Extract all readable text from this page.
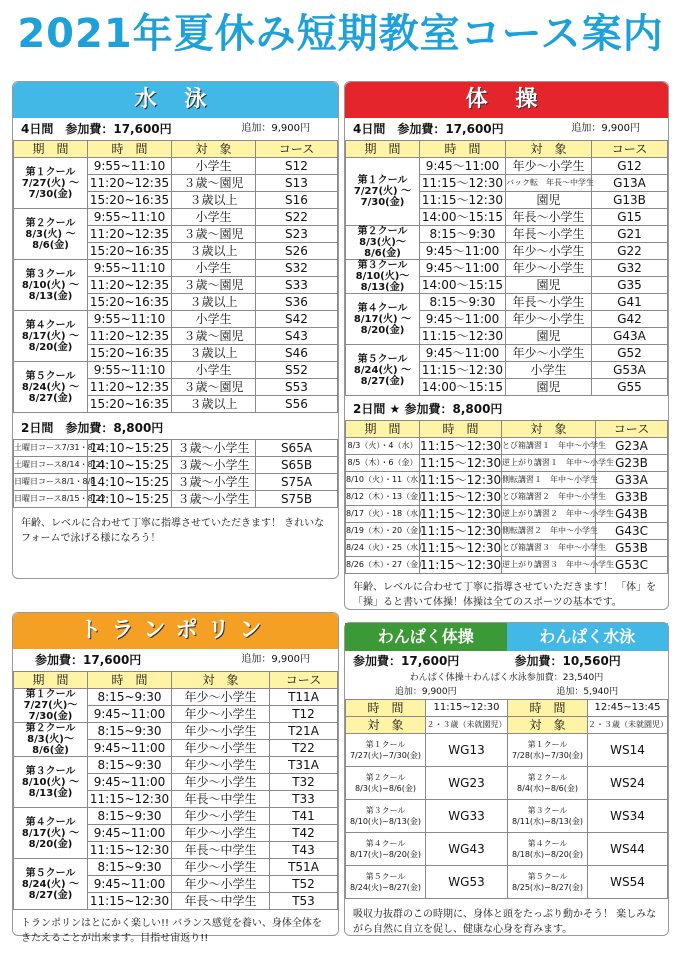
2021年夏休み短期教室コース案内
水 泳
4日間　参加費：17,600円	追加：9,900円
期　間	時　間	対　象	コース
第１クール 7/27(火) 〜 7/30(金)	9:55~11:10	小学生	S12
	11:20~12:35	３歳〜園児	S13
	15:20~16:35	３歳以上	S16
第２クール 8/3(火) 〜 8/6(金)	9:55~11:10	小学生	S22
	11:20~12:35	３歳〜園児	S23
	15:20~16:35	３歳以上	S26
第３クール 8/10(火) 〜 8/13(金)	9:55~11:10	小学生	S32
	11:20~12:35	３歳〜園児	S33
	15:20~16:35	３歳以上	S36
第４クール 8/17(火) 〜 8/20(金)	9:55~11:10	小学生	S42
	11:20~12:35	３歳〜園児	S43
	15:20~16:35	３歳以上	S46
第５クール 8/24(火) 〜 8/27(金)	9:55~11:10	小学生	S52
	11:20~12:35	３歳〜園児	S53
	15:20~16:35	３歳以上	S56
2日間　参加費：8,800円
土曜日コース7/31・8/7	14:10~15:25	３歳〜小学生	S65A
土曜日コース8/14・8/21	14:10~15:25	３歳〜小学生	S65B
日曜日コース8/1・8/8	14:10~15:25	３歳〜小学生	S75A
日曜日コース8/15・8/22	14:10~15:25	３歳〜小学生	S75B
年齢、レベルに合わせて丁寧に指導させていただきます！ きれいなフォームで泳げる様になろう！
体 操
4日間　参加費：17,600円	追加：9,900円
期　間	時　間	対　象	コース
第１クール 7/27(火) 〜 7/30(金)	9:45～11:00	年少〜小学生	G12
	11:15～12:30	バック転　年長〜中学生	G13A
	11:15～12:30	園児	G13B
	14:00～15:15	年長〜小学生	G15
第２クール 8/3(火)〜 8/6(金)	8:15～9:30	年長〜小学生	G21
	9:45～11:00	年少〜小学生	G22
第３クール 8/10(火)〜 8/13(金)	9:45～11:00	年少〜小学生	G32
	14:00～15:15	園児	G35
第４クール 8/17(火) 〜 8/20(金)	8:15～9:30	年長〜小学生	G41
	9:45～11:00	年少〜小学生	G42
	11:15～12:30	園児	G43A
第５クール 8/24(火) 〜 8/27(金)	9:45～11:00	年少〜小学生	G52
	11:15～12:30	小学生	G53A
	14:00～15:15	園児	G55
2日間 ★ 参加費：8,800円
期　間	時　間	対　象	コース
8/3（火）・4（水）	11:15～12:30	とび箱講習１　年中〜小学生	G23A
8/5（木）・6（金）	11:15～12:30	逆上がり講習１　年中〜小学生	G23B
8/10（火）・11（水）	11:15～12:30	側転講習１　年中〜小学生	G33A
8/12（木）・13（金）	11:15～12:30	とび箱講習２　年中〜小学生	G33B
8/17（火）・18（水）	11:15～12:30	逆上がり講習２　年中〜小学生	G43B
8/19（木）・20（金）	11:15～12:30	側転講習２　年中〜小学生	G43C
8/24（火）・25（水）	11:15～12:30	とび箱講習３　年中〜小学生	G53B
8/26（木）・27（金）	11:15～12:30	逆上がり講習３　年中〜小学生	G53C
年齢、レベルに合わせて丁寧に指導させていただきます！ 「体」を「操」ると書いて体操！体操は全てのスポーツの基本です。
トランポリン
参加費：17,600円	追加：9,900円
期　間	時　間	対　象	コース
第１クール 7/27(火)〜 7/30(金)	8:15~9:30	年少〜小学生	T11A
	9:45~11:00	年少〜小学生	T12
第２クール 8/3(火)〜 8/6(金)	8:15~9:30	年少〜小学生	T21A
	9:45~11:00	年少〜小学生	T22
第３クール 8/10(火) 〜 8/13(金)	8:15~9:30	年少〜小学生	T31A
	9:45~11:00	年少〜小学生	T32
	11:15~12:30	年長〜中学生	T33
第４クール 8/17(火) 〜 8/20(金)	8:15~9:30	年少〜小学生	T41
	9:45~11:00	年少〜小学生	T42
	11:15~12:30	年長〜中学生	T43
第５クール 8/24(火) 〜 8/27(金)	8:15~9:30	年少〜小学生	T51A
	9:45~11:00	年少〜小学生	T52
	11:15~12:30	年長〜中学生	T53
トランポリンはとにかく楽しい!! バランス感覚を養い、身体全体をきたえることが出来ます。目指せ宙返り!!
わんぱく体操	わんぱく水泳
参加費：17,600円	参加費：10,560円
わんぱく体操＋わんぱく水泳参加費：23,540円
追加：9,900円	追加：5,940円
時　間	11:15~12:30	時　間	12:45~13:45
対　象	２・３歳（未就園児）	対　象	２・３歳（未就園児）
第１クール 7/27(火)~7/30(金)	WG13	第１クール 7/28(水)~7/30(金)	WS14
第２クール 8/3(火)~8/6(金)	WG23	第２クール 8/4(水)~8/6(金)	WS24
第３クール 8/10(火)~8/13(金)	WG33	第３クール 8/11(水)~8/13(金)	WS34
第４クール 8/17(火)~8/20(金)	WG43	第４クール 8/18(水)~8/20(金)	WS44
第５クール 8/24(火)~8/27(金)	WG53	第５クール 8/25(水)~8/27(金)	WS54
吸収力抜群のこの時期に、身体と頭をたっぷり動かそう！ 楽しみながら自然に自立を促し、健康な心身を育みます。
